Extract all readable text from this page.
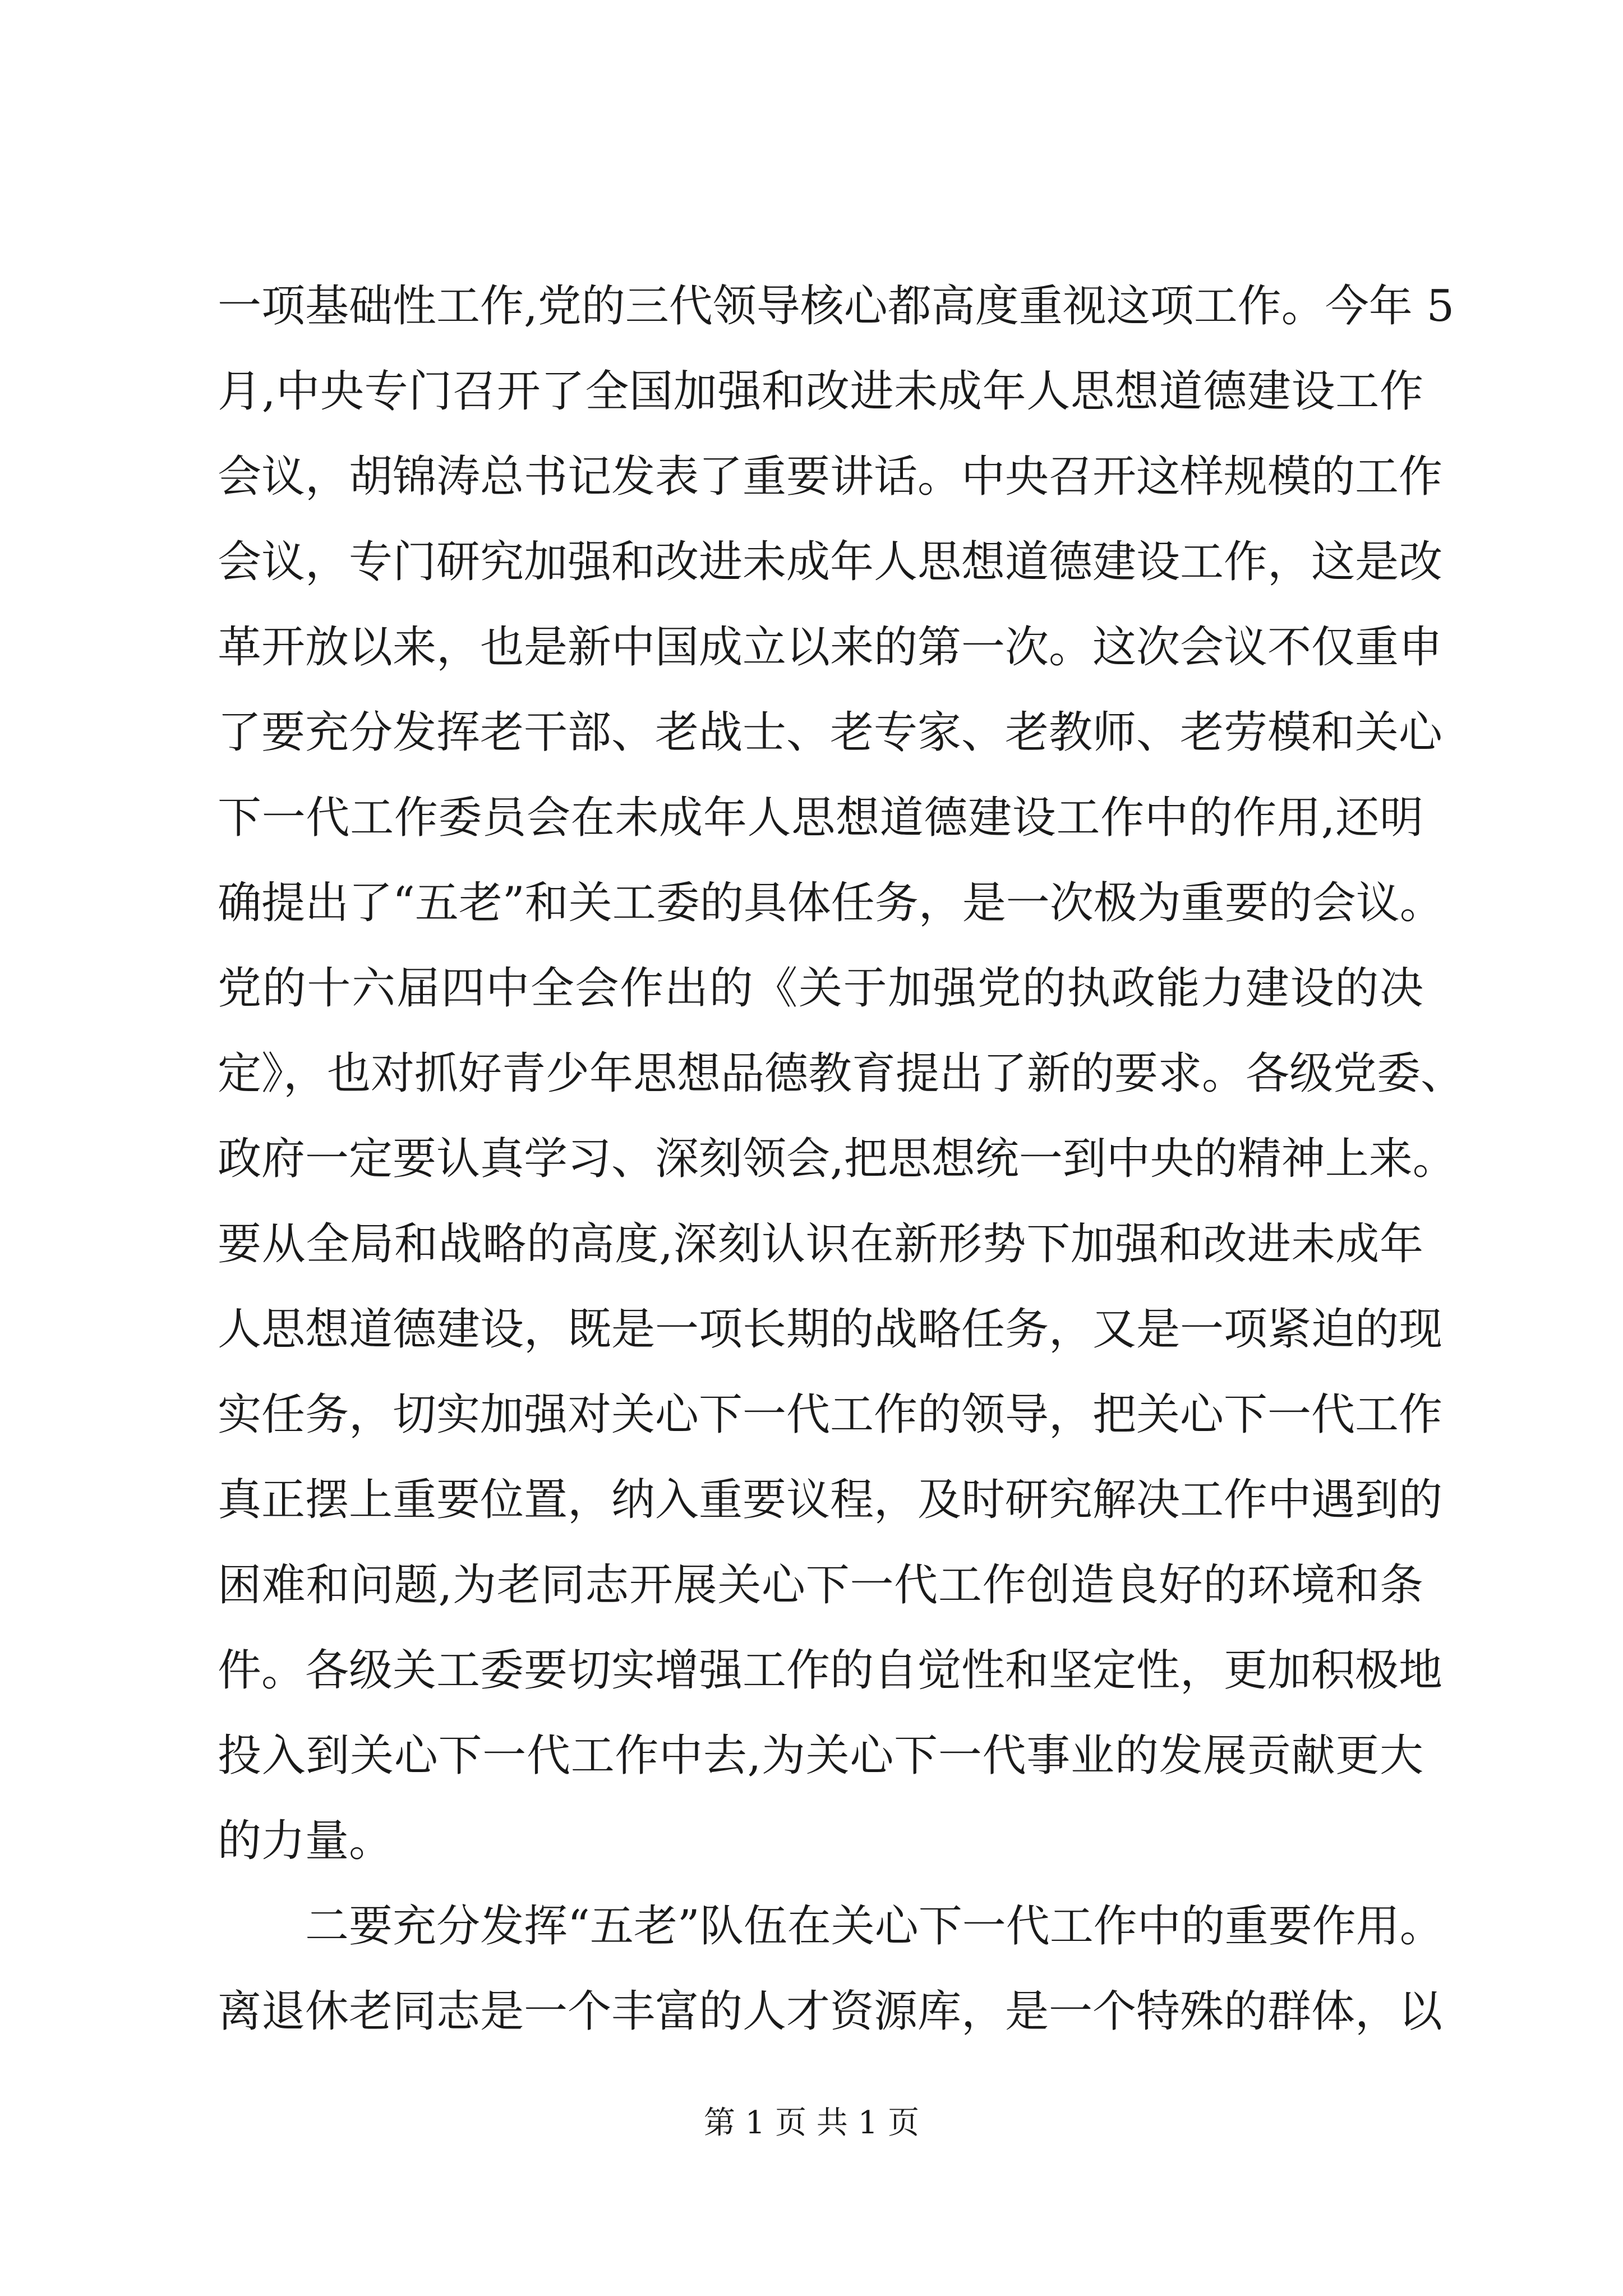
一项基础性工作,党的三代领导核心都高度重视这项工作。今年 5
月,中央专门召开了全国加强和改进未成年人思想道德建设工作
会议，胡锦涛总书记发表了重要讲话。中央召开这样规模的工作
会议，专门研究加强和改进未成年人思想道德建设工作，这是改
革开放以来，也是新中国成立以来的第一次。这次会议不仅重申
了要充分发挥老干部、老战士、老专家、老教师、老劳模和关心
下一代工作委员会在未成年人思想道德建设工作中的作用,还明
确提出了“五老”和关工委的具体任务，是一次极为重要的会议。
党的十六届四中全会作出的《关于加强党的执政能力建设的决
定》，也对抓好青少年思想品德教育提出了新的要求。各级党委、
政府一定要认真学习、深刻领会,把思想统一到中央的精神上来。
要从全局和战略的高度,深刻认识在新形势下加强和改进未成年
人思想道德建设，既是一项长期的战略任务，又是一项紧迫的现
实任务，切实加强对关心下一代工作的领导，把关心下一代工作
真正摆上重要位置，纳入重要议程，及时研究解决工作中遇到的
困难和问题,为老同志开展关心下一代工作创造良好的环境和条
件。各级关工委要切实增强工作的自觉性和坚定性，更加积极地
投入到关心下一代工作中去,为关心下一代事业的发展贡献更大
的力量。
二要充分发挥“五老”队伍在关心下一代工作中的重要作用。
离退休老同志是一个丰富的人才资源库，是一个特殊的群体，以
第 1 页 共 1 页
